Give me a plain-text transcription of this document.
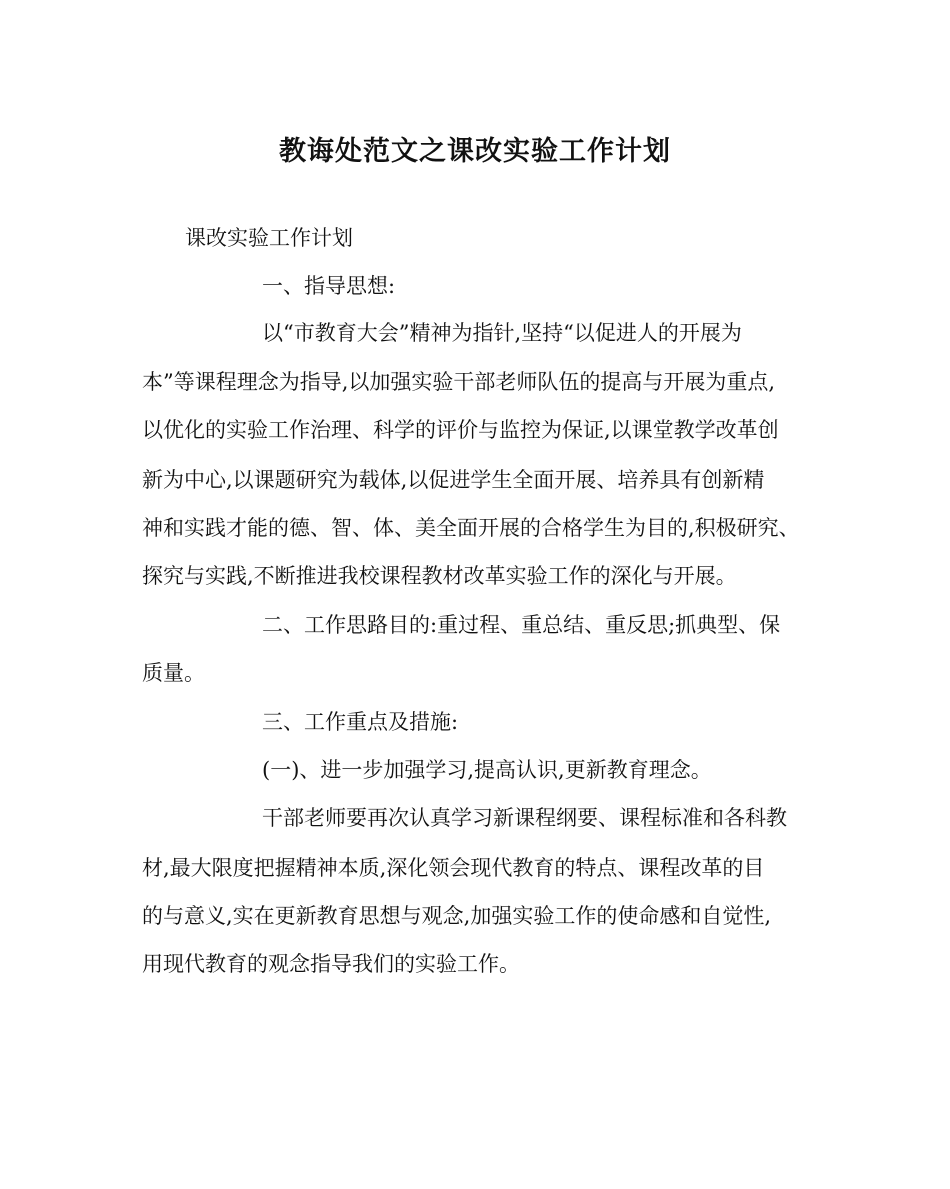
教诲处范文之课改实验工作计划
课改实验工作计划
一、指导思想:
以“市教育大会”精神为指针,坚持“以促进人的开展为
本”等课程理念为指导,以加强实验干部老师队伍的提高与开展为重点,
以优化的实验工作治理、科学的评价与监控为保证,以课堂教学改革创
新为中心,以课题研究为载体,以促进学生全面开展、培养具有创新精
神和实践才能的德、智、体、美全面开展的合格学生为目的,积极研究、
探究与实践,不断推进我校课程教材改革实验工作的深化与开展。
二、工作思路目的:重过程、重总结、重反思;抓典型、保
质量。
三、工作重点及措施:
(一)、进一步加强学习,提高认识,更新教育理念。
干部老师要再次认真学习新课程纲要、课程标准和各科教
材,最大限度把握精神本质,深化领会现代教育的特点、课程改革的目
的与意义,实在更新教育思想与观念,加强实验工作的使命感和自觉性,
用现代教育的观念指导我们的实验工作。
